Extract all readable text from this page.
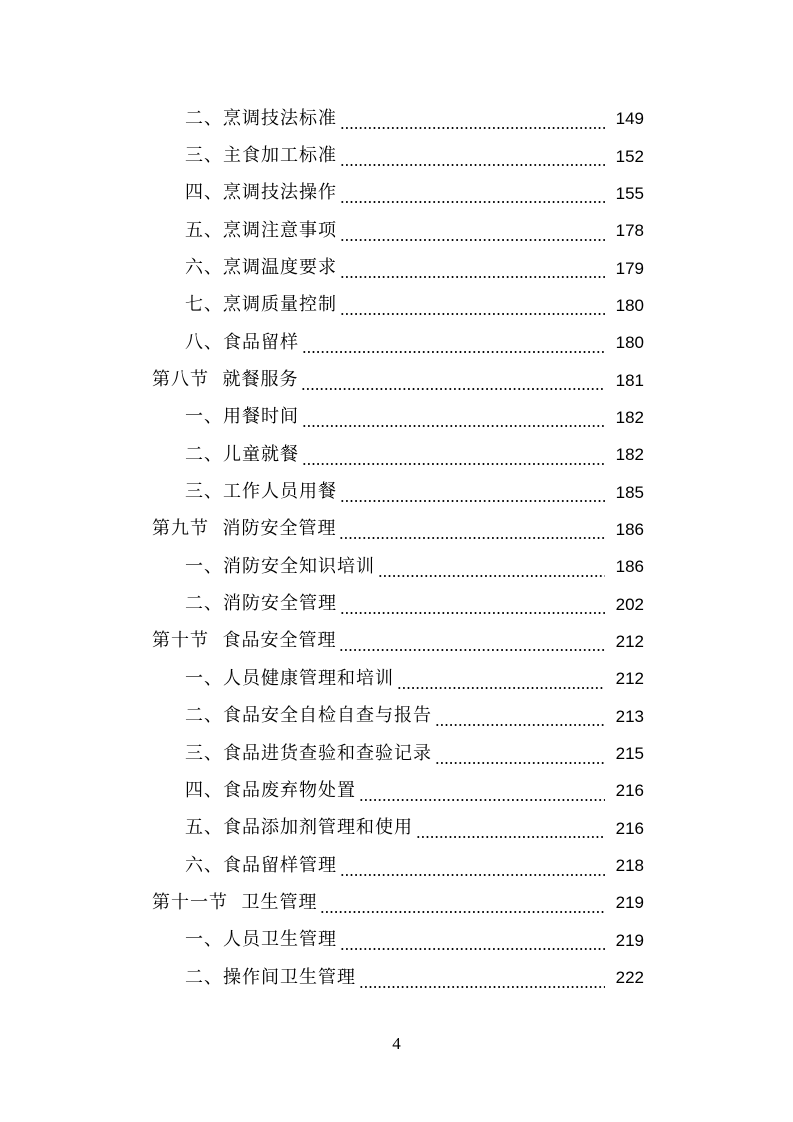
二、烹调技法标准	149
三、主食加工标准	152
四、烹调技法操作	155
五、烹调注意事项	178
六、烹调温度要求	179
七、烹调质量控制	180
八、食品留样	180
第八节  就餐服务	181
一、用餐时间	182
二、儿童就餐	182
三、工作人员用餐	185
第九节  消防安全管理	186
一、消防安全知识培训	186
二、消防安全管理	202
第十节  食品安全管理	212
一、人员健康管理和培训	212
二、食品安全自检自查与报告	213
三、食品进货查验和查验记录	215
四、食品废弃物处置	216
五、食品添加剂管理和使用	216
六、食品留样管理	218
第十一节  卫生管理	219
一、人员卫生管理	219
二、操作间卫生管理	222
4
